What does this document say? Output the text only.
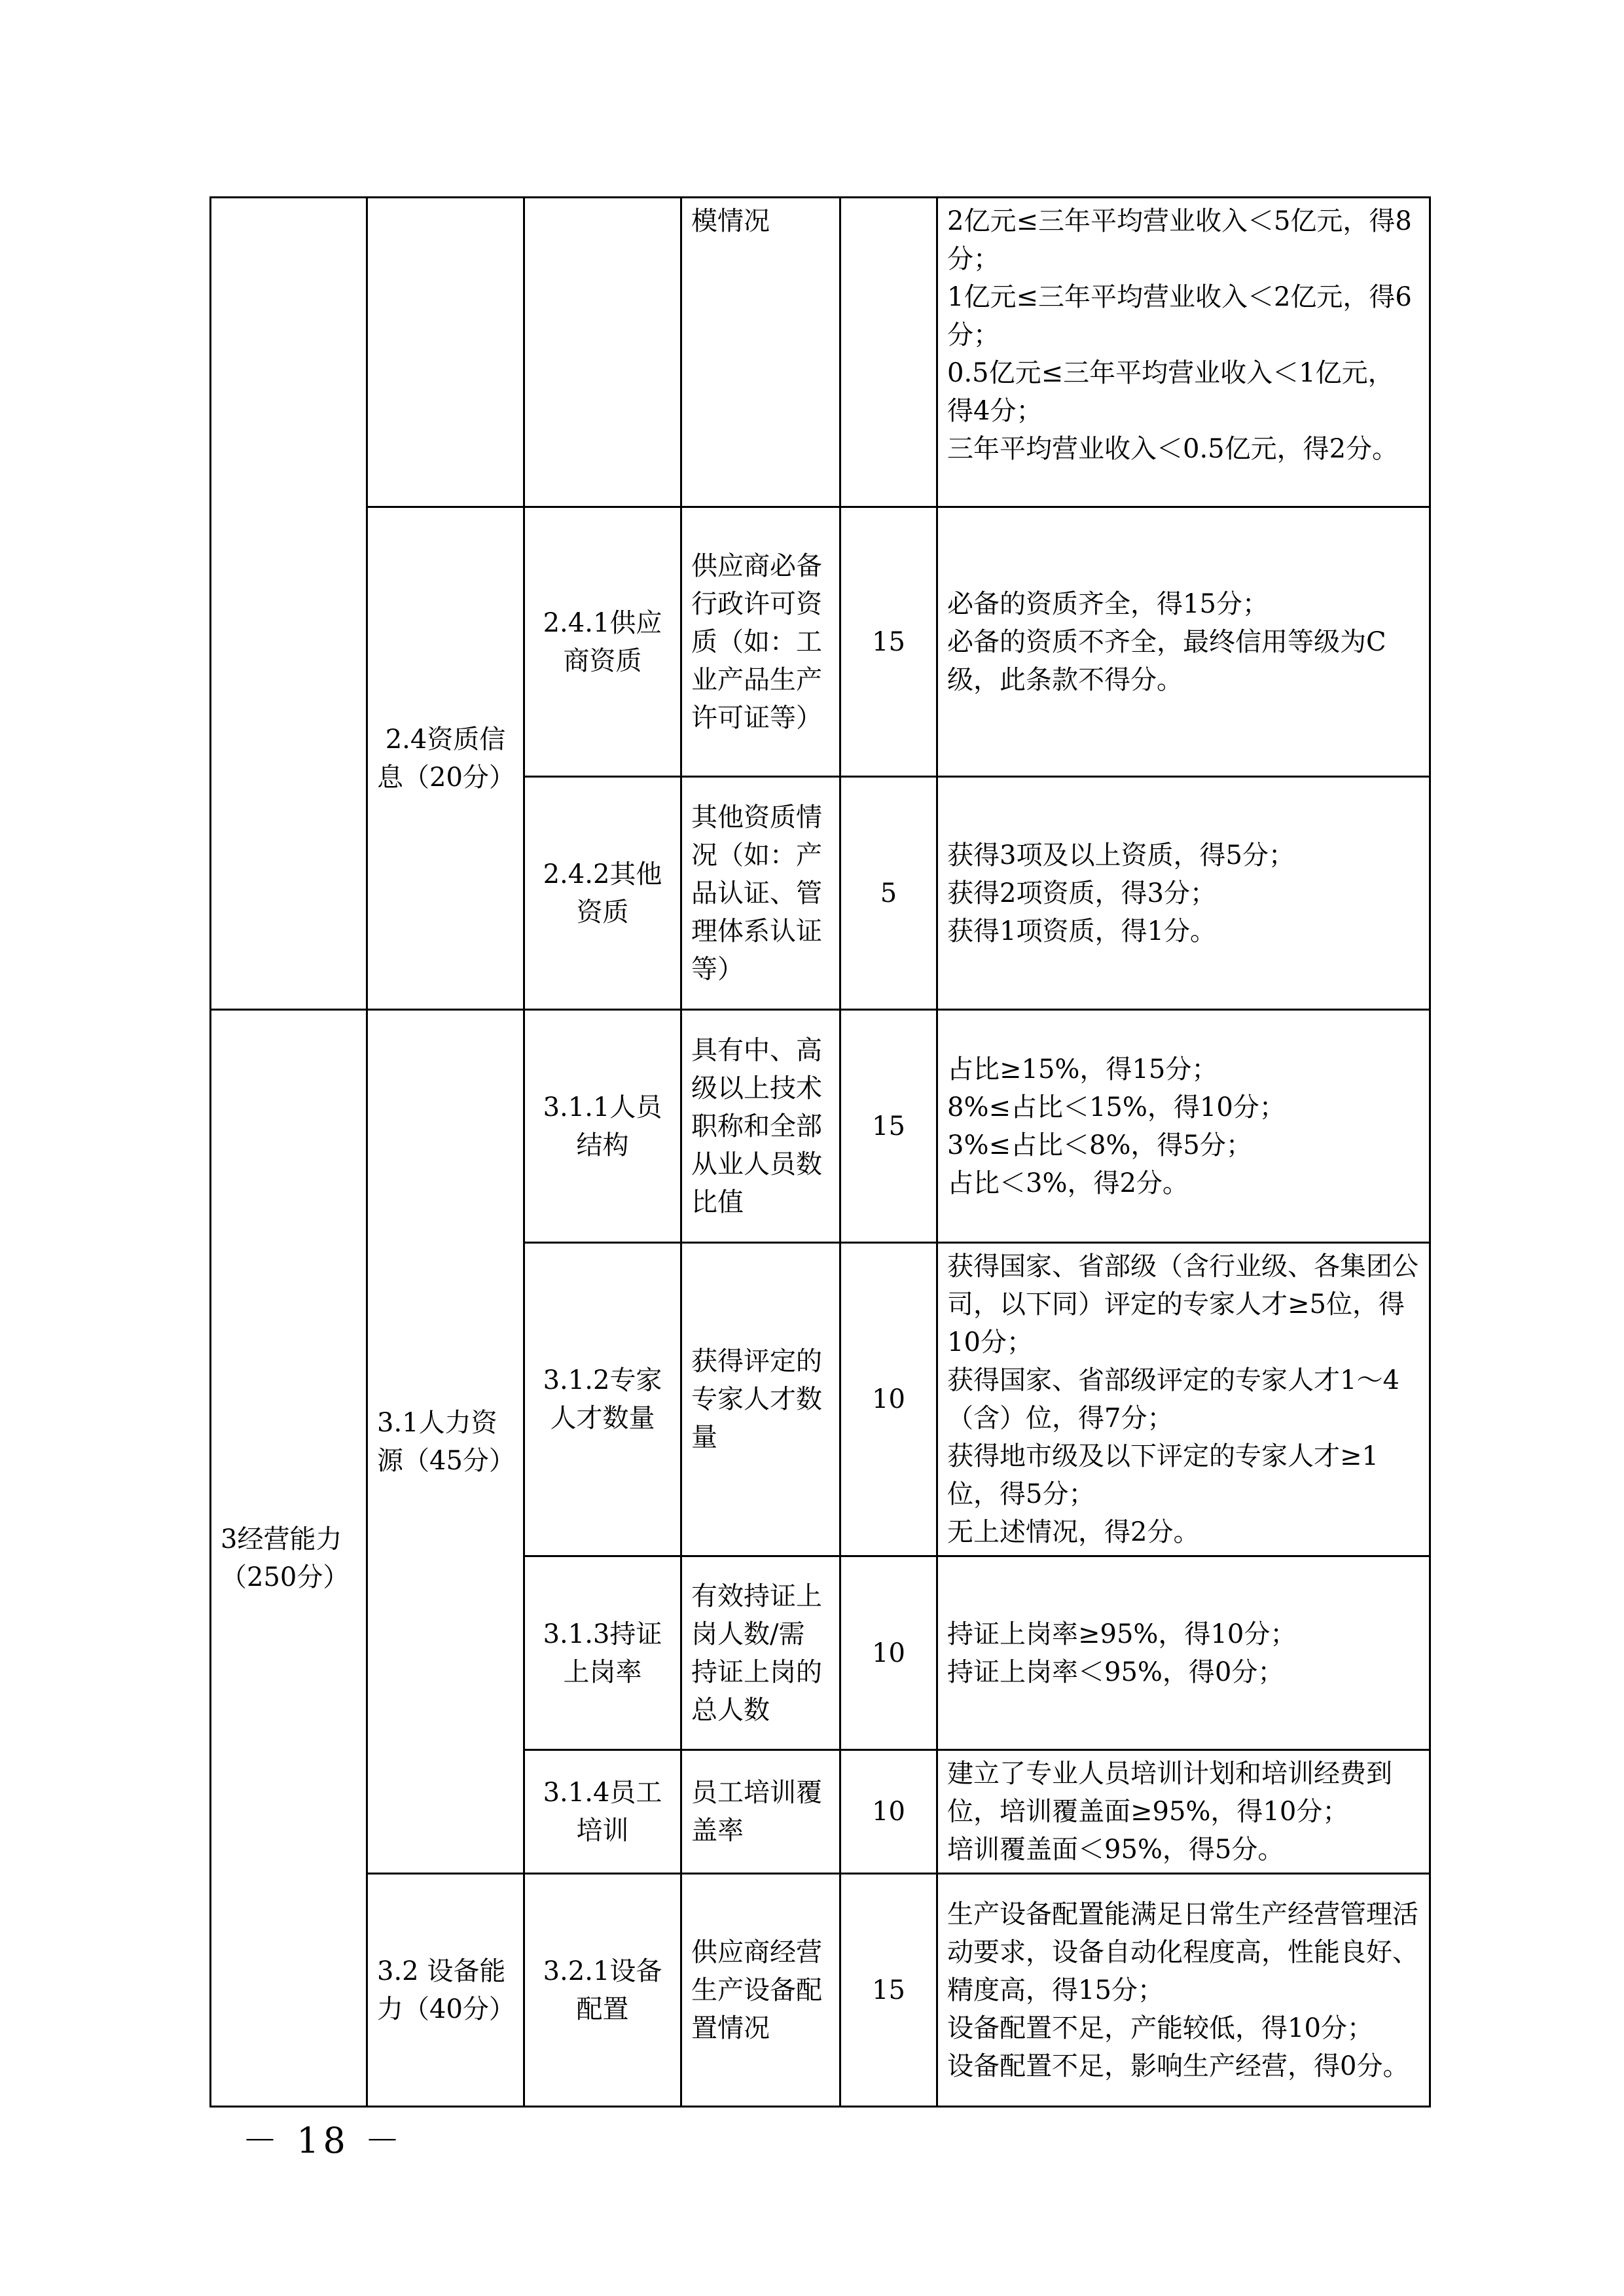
			模情况		2亿元≤三年平均营业收入＜5亿元，得8分；
1亿元≤三年平均营业收入＜2亿元，得6分；
0.5亿元≤三年平均营业收入＜1亿元，得4分；
三年平均营业收入＜0.5亿元，得2分。

	2.4资质信息（20分）	2.4.1供应商资质	供应商必备行政许可资质（如：工业产品生产许可证等）	15	必备的资质齐全，得15分；
必备的资质不齐全，最终信用等级为C级，此条款不得分。

		2.4.2其他资质	其他资质情况（如：产品认证、管理体系认证等）	5	获得3项及以上资质，得5分；
获得2项资质，得3分；
获得1项资质，得1分。

3经营能力（250分）	3.1人力资源（45分）	3.1.1人员结构	具有中、高级以上技术职称和全部从业人员数比值	15	占比≥15%，得15分；
8%≤占比＜15%，得10分；
3%≤占比＜8%，得5分；
占比＜3%，得2分。

		3.1.2专家人才数量	获得评定的专家人才数量	10	获得国家、省部级（含行业级、各集团公司，以下同）评定的专家人才≥5位，得10分；
获得国家、省部级评定的专家人才1～4（含）位，得7分；
获得地市级及以下评定的专家人才≥1位，得5分；
无上述情况，得2分。

		3.1.3持证上岗率	有效持证上岗人数/需持证上岗的总人数	10	持证上岗率≥95%，得10分；
持证上岗率＜95%，得0分；

		3.1.4员工培训	员工培训覆盖率	10	建立了专业人员培训计划和培训经费到位，培训覆盖面≥95%，得10分；
培训覆盖面＜95%，得5分。

	3.2 设备能力（40分）	3.2.1设备配置	供应商经营生产设备配置情况	15	生产设备配置能满足日常生产经营管理活动要求，设备自动化程度高，性能良好、精度高，得15分；
设备配置不足，产能较低，得10分；
设备配置不足，影响生产经营，得0分。
－ 18 －
